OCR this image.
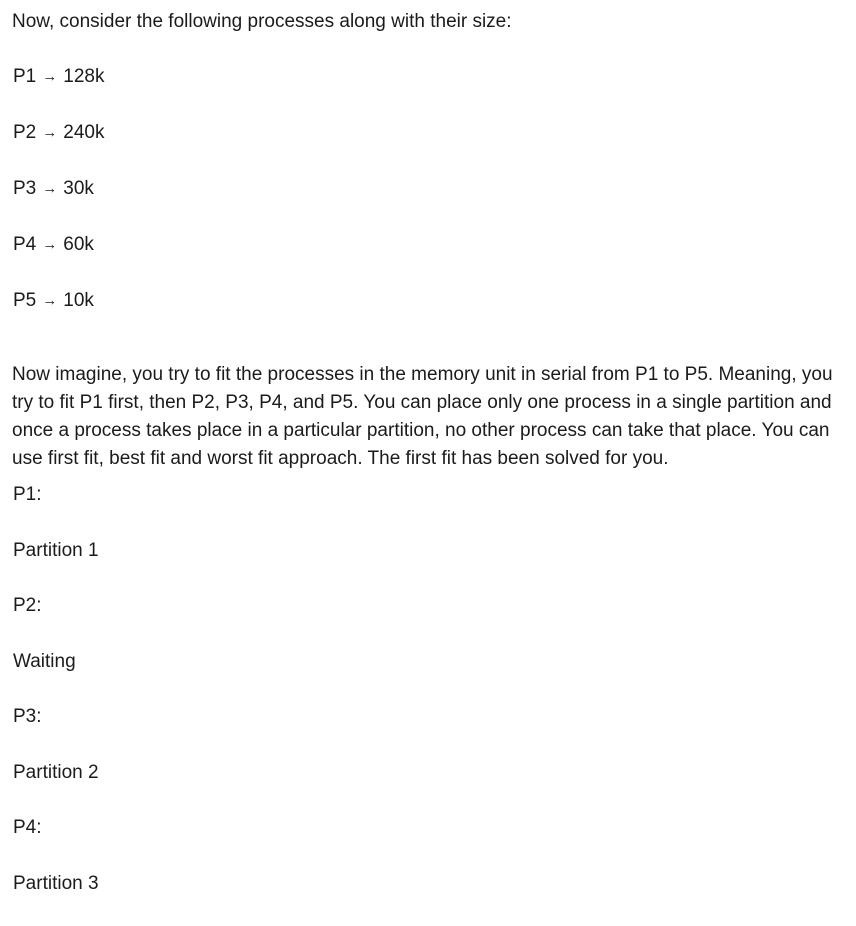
Now, consider the following processes along with their size:
P1 → 128k
P2 → 240k
P3 → 30k
P4 → 60k
P5 → 10k

Now imagine, you try to fit the processes in the memory unit in serial from P1 to P5. Meaning, you try to fit P1 first, then P2, P3, P4, and P5. You can place only one process in a single partition and once a process takes place in a particular partition, no other process can take that place. You can use first fit, best fit and worst fit approach. The first fit has been solved for you.

P1:
Partition 1
P2:
Waiting
P3:
Partition 2
P4:
Partition 3
